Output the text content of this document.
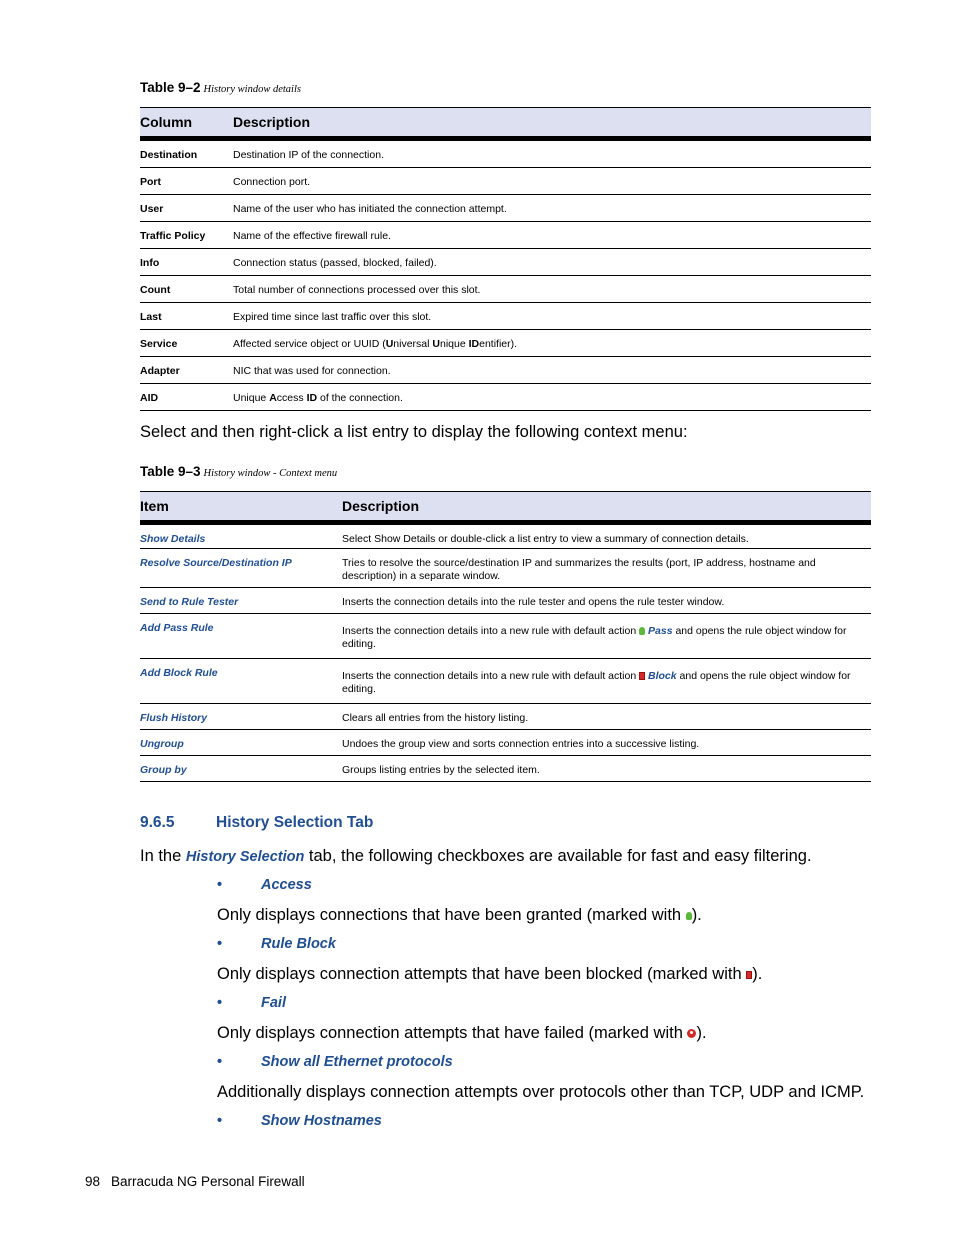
Table 9–2 History window details
Column	Description

Destination	Destination IP of the connection.

Port	Connection port.

User	Name of the user who has initiated the connection attempt.

Traffic Policy	Name of the effective firewall rule.

Info	Connection status (passed, blocked, failed).

Count	Total number of connections processed over this slot.

Last	Expired time since last traffic over this slot.

Service	Affected service object or UUID (Universal Unique IDentifier).

Adapter	NIC that was used for connection.

AID	Unique Access ID of the connection.
Select and then right-click a list entry to display the following context menu:
Table 9–3 History window - Context menu
Item	Description

Show Details	Select Show Details or double-click a list entry to view a summary of connection details.

Resolve Source/Destination IP	Tries to resolve the source/destination IP and summarizes the results (port, IP address, hostname and description) in a separate window.

Send to Rule Tester	Inserts the connection details into the rule tester and opens the rule tester window.

Add Pass Rule	Inserts the connection details into a new rule with default action  Pass and opens the rule object window for editing.

Add Block Rule	Inserts the connection details into a new rule with default action  Block and opens the rule object window for editing.

Flush History	Clears all entries from the history listing.

Ungroup	Undoes the group view and sorts connection entries into a successive listing.

Group by	Groups listing entries by the selected item.
9.6.5	History Selection Tab
In the History Selection tab, the following checkboxes are available for fast and easy filtering.
•	Access
Only displays connections that have been granted (marked with ).
•	Rule Block
Only displays connection attempts that have been blocked (marked with ).
•	Fail
Only displays connection attempts that have failed (marked with ).
•	Show all Ethernet protocols
Additionally displays connection attempts over protocols other than TCP, UDP and ICMP.
•	Show Hostnames
98 Barracuda NG Personal Firewall
